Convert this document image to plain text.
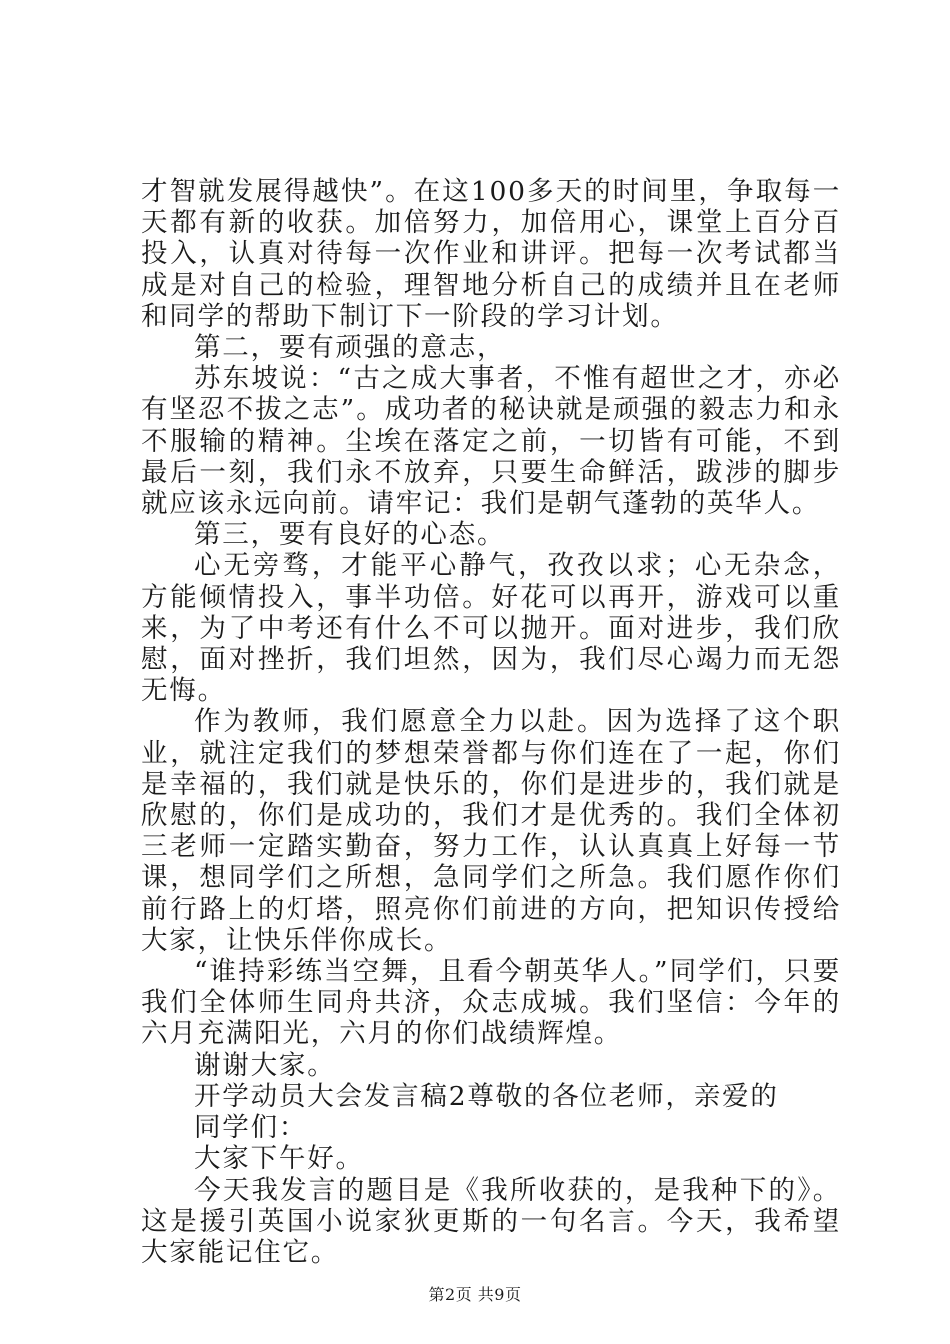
才智就发展得越快”。在这100多天的时间里，争取每一天都有新的收获。加倍努力，加倍用心，课堂上百分百投入，认真对待每一次作业和讲评。把每一次考试都当成是对自己的检验，理智地分析自己的成绩并且在老师和同学的帮助下制订下一阶段的学习计划。

第二，要有顽强的意志，

苏东坡说：“古之成大事者，不惟有超世之才，亦必有坚忍不拔之志”。成功者的秘诀就是顽强的毅志力和永不服输的精神。尘埃在落定之前，一切皆有可能，不到最后一刻，我们永不放弃，只要生命鲜活，跋涉的脚步就应该永远向前。请牢记：我们是朝气蓬勃的英华人。

第三，要有良好的心态。

心无旁骛，才能平心静气，孜孜以求；心无杂念，方能倾情投入，事半功倍。好花可以再开，游戏可以重来，为了中考还有什么不可以抛开。面对进步，我们欣慰，面对挫折，我们坦然，因为，我们尽心竭力而无怨无悔。

作为教师，我们愿意全力以赴。因为选择了这个职业，就注定我们的梦想荣誉都与你们连在了一起，你们是幸福的，我们就是快乐的，你们是进步的，我们就是欣慰的，你们是成功的，我们才是优秀的。我们全体初三老师一定踏实勤奋，努力工作，认认真真上好每一节课，想同学们之所想，急同学们之所急。我们愿作你们前行路上的灯塔，照亮你们前进的方向，把知识传授给大家，让快乐伴你成长。

“谁持彩练当空舞，且看今朝英华人。”同学们，只要我们全体师生同舟共济，众志成城。我们坚信：今年的六月充满阳光，六月的你们战绩辉煌。

谢谢大家。

开学动员大会发言稿2尊敬的各位老师，亲爱的

同学们：

大家下午好。

今天我发言的题目是《我所收获的，是我种下的》。这是援引英国小说家狄更斯的一句名言。今天，我希望大家能记住它。

第2页 共9页
